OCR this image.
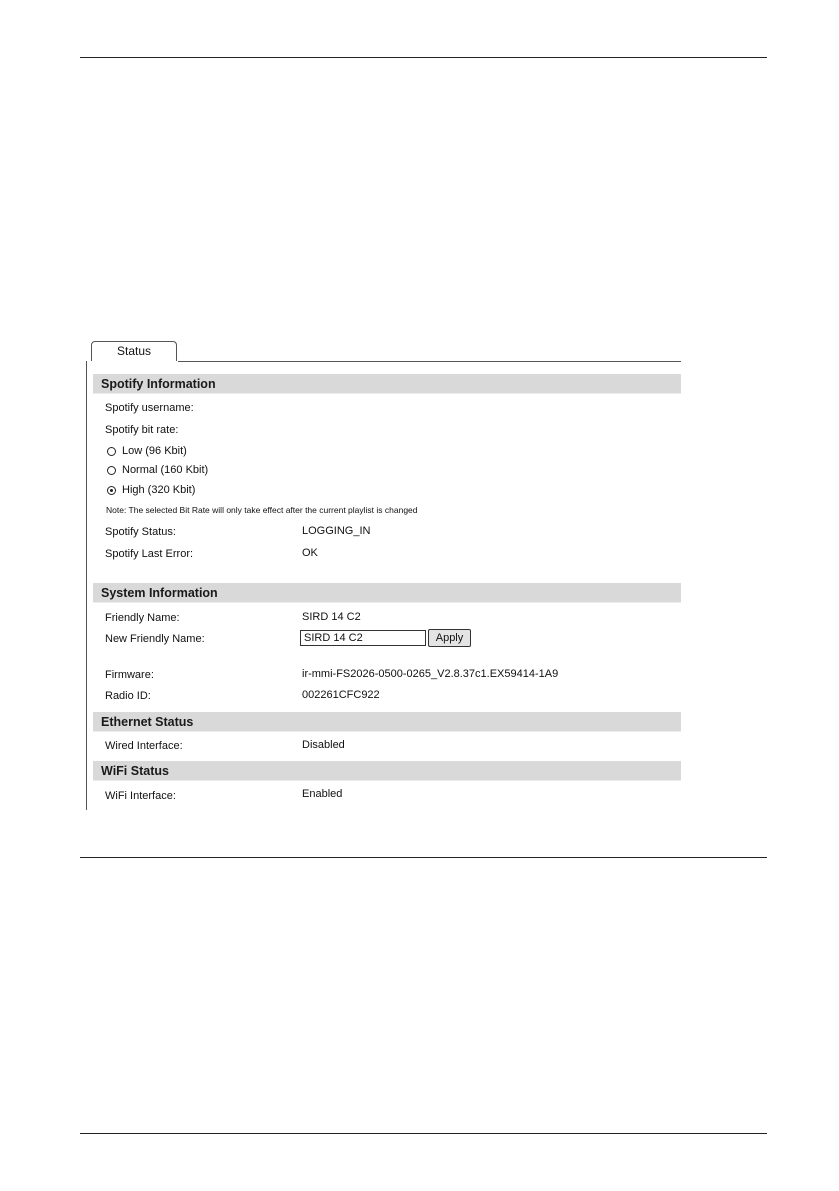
Status
Spotify Information
Spotify username:
Spotify bit rate:
Low (96 Kbit)
Normal (160 Kbit)
High (320 Kbit)
Note: The selected Bit Rate will only take effect after the current playlist is changed
Spotify Status:	LOGGING_IN
Spotify Last Error:	OK
System Information
Friendly Name:	SIRD 14 C2
New Friendly Name:
SIRD 14 C2	Apply
Firmware:	ir-mmi-FS2026-0500-0265_V2.8.37c1.EX59414-1A9
Radio ID:	002261CFC922
Ethernet Status
Wired Interface:	Disabled
WiFi Status
WiFi Interface:	Enabled
